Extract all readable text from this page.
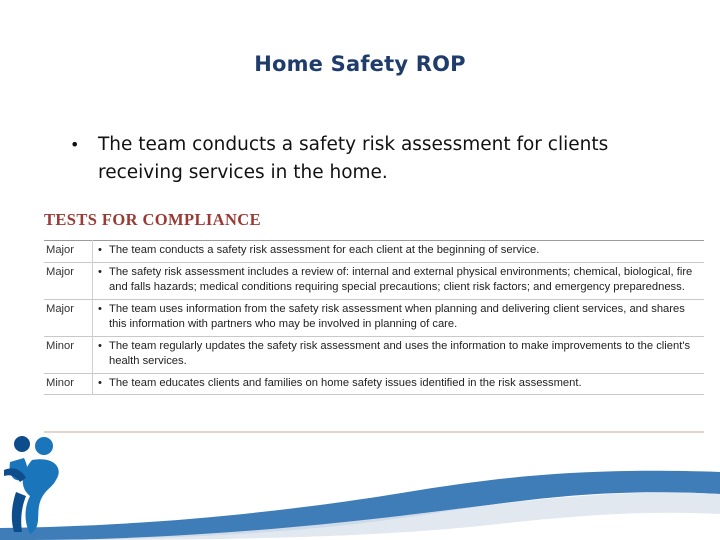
Home Safety ROP
• The team conducts a safety risk assessment for clients receiving services in the home.
TESTS FOR COMPLIANCE
Major	• The team conducts a safety risk assessment for each client at the beginning of service.
Major	• The safety risk assessment includes a review of: internal and external physical environments; chemical, biological, fire and falls hazards; medical conditions requiring special precautions; client risk factors; and emergency preparedness.
Major	• The team uses information from the safety risk assessment when planning and delivering client services, and shares this information with partners who may be involved in planning of care.
Minor	• The team regularly updates the safety risk assessment and uses the information to make improvements to the client's health services.
Minor	• The team educates clients and families on home safety issues identified in the risk assessment.
